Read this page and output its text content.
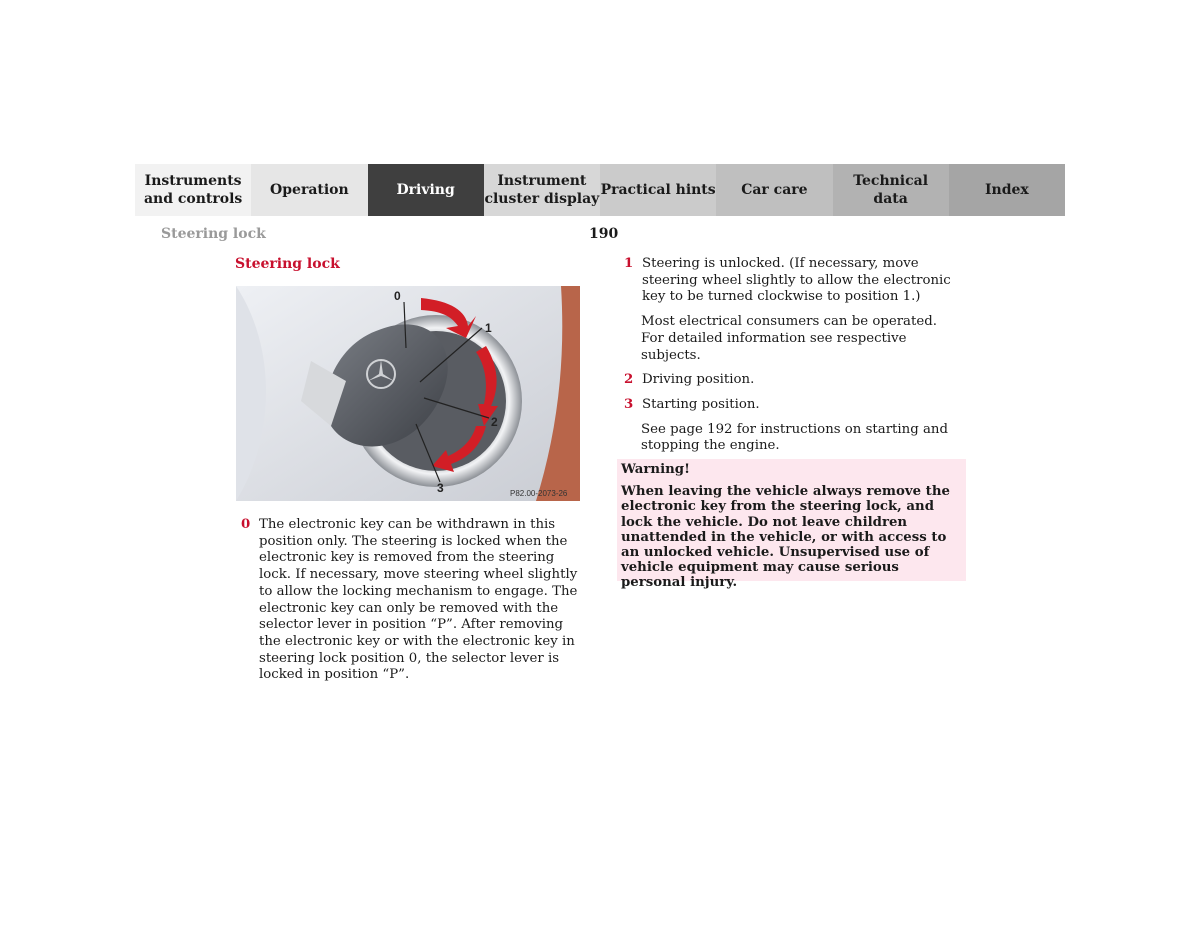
Instruments
and controls
Operation	Driving
Instrument
cluster display
Practical hints Car care
Technical
data
Index
Steering lock	190
Steering lock
0
1
2
3	P82.00-2073-26
0 The electronic key can be withdrawn in this position only. The steering is locked when the electronic key is removed from the steering lock. If necessary, move steering wheel slightly to allow the locking mechanism to engage. The electronic key can only be removed with the selector lever in position “P”. After removing the electronic key or with the electronic key in steering lock position 0, the selector lever is locked in position “P”.
1 Steering is unlocked. (If necessary, move steering wheel slightly to allow the electronic key to be turned clockwise to position 1.)

Most electrical consumers can be operated. For detailed information see respective subjects.

2 Driving position.
3 Starting position.

See page 192 for instructions on starting and stopping the engine.

Warning!
When leaving the vehicle always remove the electronic key from the steering lock, and lock the vehicle. Do not leave children unattended in the vehicle, or with access to an unlocked vehicle. Unsupervised use of vehicle equipment may cause serious personal injury.
